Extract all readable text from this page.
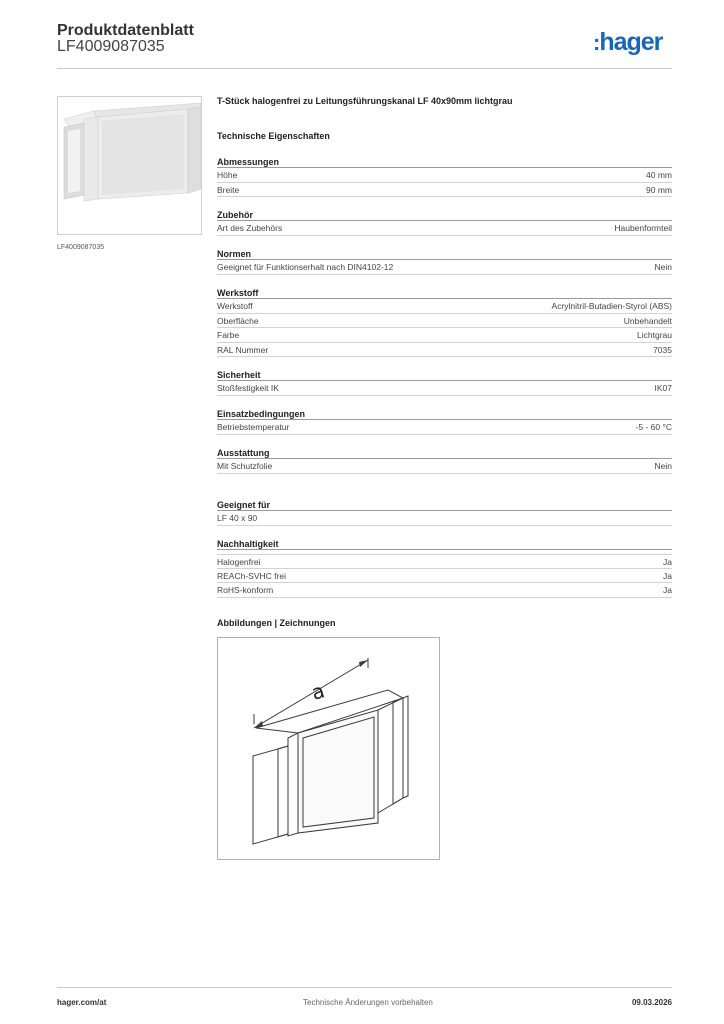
Produktdatenblatt
LF4009087035	:hager
LF4009087035
T-Stück halogenfrei zu Leitungsführungskanal LF 40x90mm lichtgrau
Technische Eigenschaften
Abmessungen
Höhe	40 mm
Breite	90 mm
Zubehör
Art des Zubehörs	Haubenformteil
Normen
Geeignet für Funktionserhalt nach DIN4102-12	Nein
Werkstoff
Werkstoff	Acrylnitril-Butadien-Styrol (ABS)
Oberfläche	Unbehandelt
Farbe	Lichtgrau
RAL Nummer	7035
Sicherheit
Stoßfestigkeit IK	IK07
Einsatzbedingungen
Betriebstemperatur	-5 - 60 °C
Ausstattung
Mit Schutzfolie	Nein
Geeignet für
LF 40 x 90
Nachhaltigkeit
Halogenfrei	Ja
REACh-SVHC frei	Ja
RoHS-konform	Ja
Abbildungen | Zeichnungen
a
hager.com/at	Technische Änderungen vorbehalten	09.03.2026
